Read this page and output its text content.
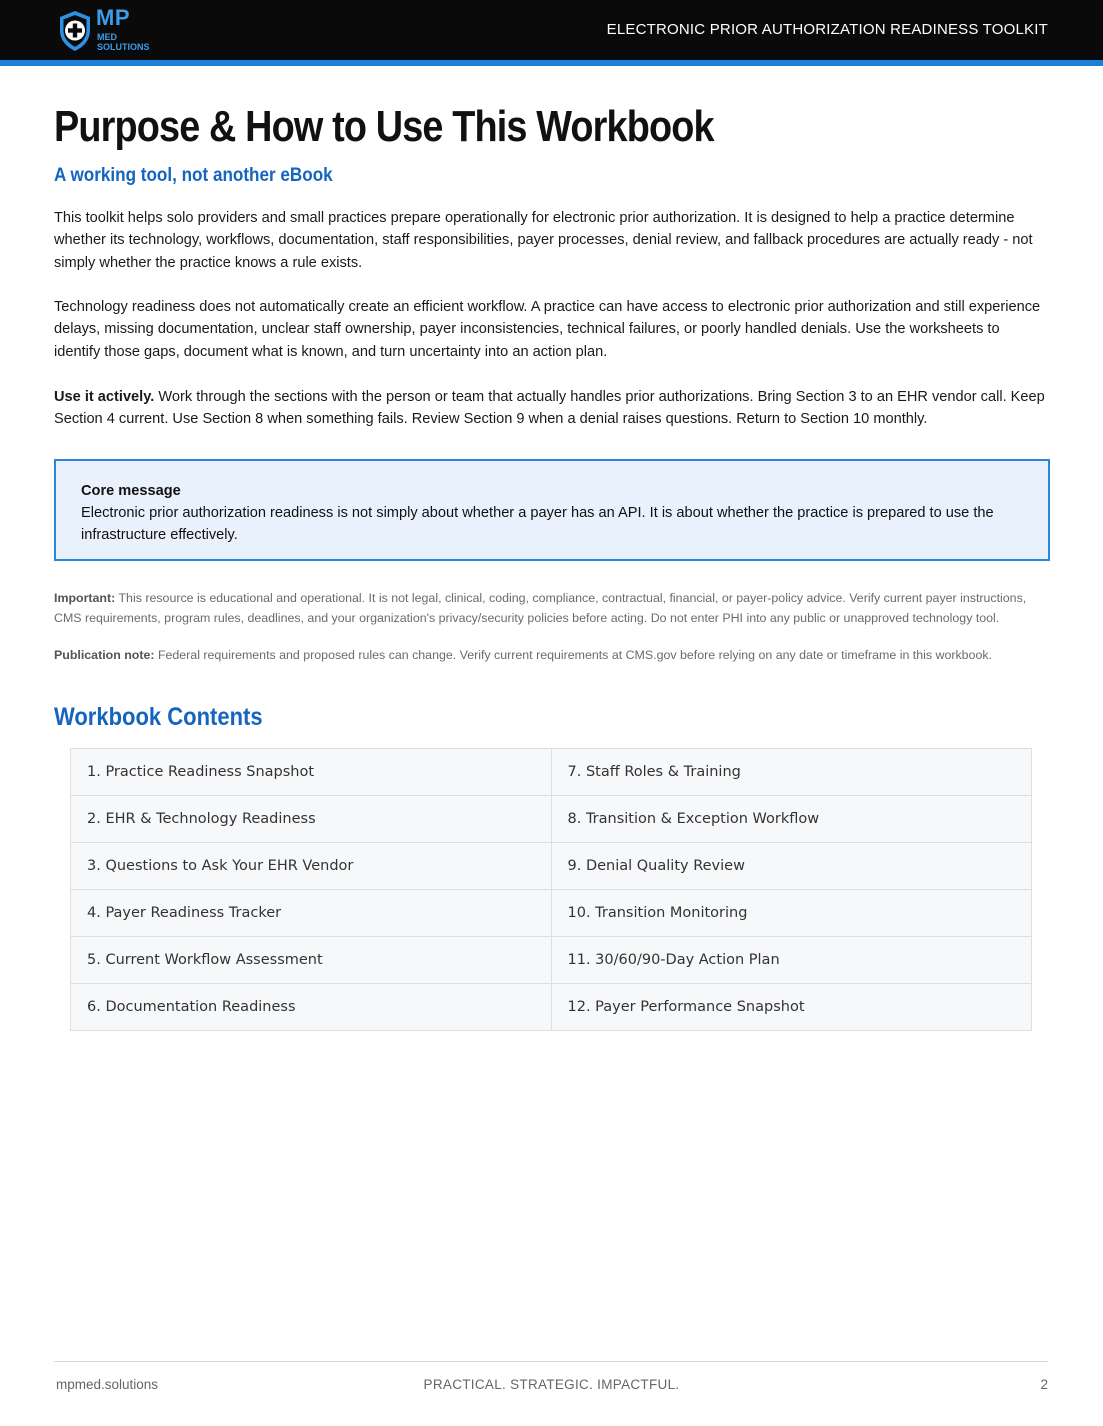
MP
MED
SOLUTIONS
ELECTRONIC PRIOR AUTHORIZATION READINESS TOOLKIT
Purpose & How to Use This Workbook
A working tool, not another eBook

This toolkit helps solo providers and small practices prepare operationally for electronic prior authorization. It is designed to help a practice determine whether its technology, workflows, documentation, staff responsibilities, payer processes, denial review, and fallback procedures are actually ready - not simply whether the practice knows a rule exists.

Technology readiness does not automatically create an efficient workflow. A practice can have access to electronic prior authorization and still experience delays, missing documentation, unclear staff ownership, payer inconsistencies, technical failures, or poorly handled denials. Use the worksheets to identify those gaps, document what is known, and turn uncertainty into an action plan.

Use it actively. Work through the sections with the person or team that actually handles prior authorizations. Bring Section 3 to an EHR vendor call. Keep Section 4 current. Use Section 8 when something fails. Review Section 9 when a denial raises questions. Return to Section 10 monthly.

Core message
Electronic prior authorization readiness is not simply about whether a payer has an API. It is about whether the practice is prepared to use the infrastructure effectively.

Important: This resource is educational and operational. It is not legal, clinical, coding, compliance, contractual, financial, or payer-policy advice. Verify current payer instructions, CMS requirements, program rules, deadlines, and your organization's privacy/security policies before acting. Do not enter PHI into any public or unapproved technology tool.

Publication note: Federal requirements and proposed rules can change. Verify current requirements at CMS.gov before relying on any date or timeframe in this workbook.

Workbook Contents
1. Practice Readiness Snapshot	7. Staff Roles & Training
2. EHR & Technology Readiness	8. Transition & Exception Workflow
3. Questions to Ask Your EHR Vendor	9. Denial Quality Review
4. Payer Readiness Tracker	10. Transition Monitoring
5. Current Workflow Assessment	11. 30/60/90-Day Action Plan
6. Documentation Readiness	12. Payer Performance Snapshot
mpmed.solutions	PRACTICAL. STRATEGIC. IMPACTFUL.	2
